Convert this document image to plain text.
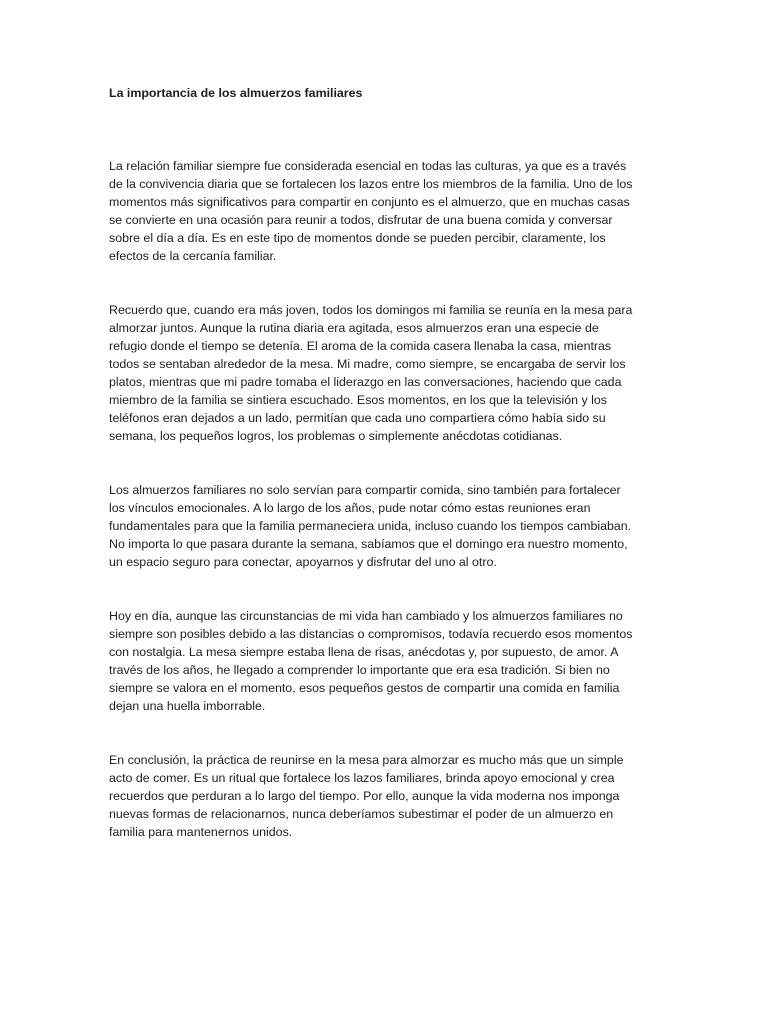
La importancia de los almuerzos familiares
La relación familiar siempre fue considerada esencial en todas las culturas, ya que es a través
de la convivencia diaria que se fortalecen los lazos entre los miembros de la familia. Uno de los
momentos más significativos para compartir en conjunto es el almuerzo, que en muchas casas
se convierte en una ocasión para reunir a todos, disfrutar de una buena comida y conversar
sobre el día a día. Es en este tipo de momentos donde se pueden percibir, claramente, los
efectos de la cercanía familiar.
Recuerdo que, cuando era más joven, todos los domingos mi familia se reunía en la mesa para
almorzar juntos. Aunque la rutina diaria era agitada, esos almuerzos eran una especie de
refugio donde el tiempo se detenía. El aroma de la comida casera llenaba la casa, mientras
todos se sentaban alrededor de la mesa. Mi madre, como siempre, se encargaba de servir los
platos, mientras que mi padre tomaba el liderazgo en las conversaciones, haciendo que cada
miembro de la familia se sintiera escuchado. Esos momentos, en los que la televisión y los
teléfonos eran dejados a un lado, permitían que cada uno compartiera cómo había sido su
semana, los pequeños logros, los problemas o simplemente anécdotas cotidianas.
Los almuerzos familiares no solo servían para compartir comida, sino también para fortalecer
los vínculos emocionales. A lo largo de los años, pude notar cómo estas reuniones eran
fundamentales para que la familia permaneciera unida, incluso cuando los tiempos cambiaban.
No importa lo que pasara durante la semana, sabíamos que el domingo era nuestro momento,
un espacio seguro para conectar, apoyarnos y disfrutar del uno al otro.
Hoy en día, aunque las circunstancias de mi vida han cambiado y los almuerzos familiares no
siempre son posibles debido a las distancias o compromisos, todavía recuerdo esos momentos
con nostalgia. La mesa siempre estaba llena de risas, anécdotas y, por supuesto, de amor. A
través de los años, he llegado a comprender lo importante que era esa tradición. Si bien no
siempre se valora en el momento, esos pequeños gestos de compartir una comida en familia
dejan una huella imborrable.
En conclusión, la práctica de reunirse en la mesa para almorzar es mucho más que un simple
acto de comer. Es un ritual que fortalece los lazos familiares, brinda apoyo emocional y crea
recuerdos que perduran a lo largo del tiempo. Por ello, aunque la vida moderna nos imponga
nuevas formas de relacionarnos, nunca deberíamos subestimar el poder de un almuerzo en
familia para mantenernos unidos.
